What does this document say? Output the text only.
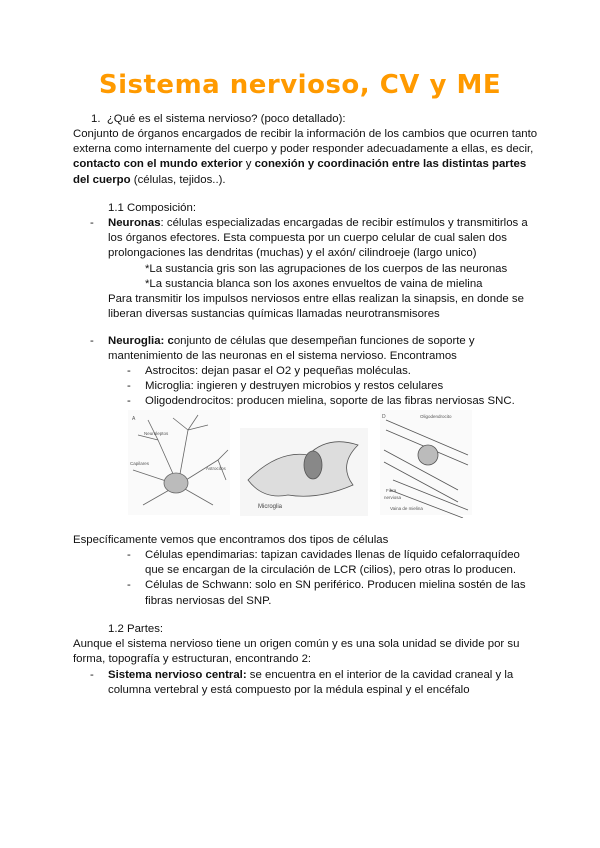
Sistema nervioso, CV y ME
1. ¿Qué es el sistema nervioso? (poco detallado):
Conjunto de órganos encargados de recibir la información de los cambios que ocurren tanto
externa como internamente del cuerpo y poder responder adecuadamente a ellas, es decir,
contacto con el mundo exterior y conexión y coordinación entre las distintas partes
del cuerpo (células, tejidos..).
1.1 Composición:
- Neuronas: células especializadas encargadas de recibir estímulos y transmitirlos a
los órganos efectores. Esta compuesta por un cuerpo celular de cual salen dos
prolongaciones las dendritas (muchas) y el axón/ cilindroeje (largo unico)
*La sustancia gris son las agrupaciones de los cuerpos de las neuronas
*La sustancia blanca son los axones envueltos de vaina de mielina
Para transmitir los impulsos nerviosos entre ellas realizan la sinapsis, en donde se
liberan diversas sustancias químicas llamadas neurotransmisores
- Neuroglia: conjunto de células que desempeñan funciones de soporte y
mantenimiento de las neuronas en el sistema nervioso. Encontramos
- Astrocitos: dejan pasar el O2 y pequeñas moléculas.
- Microglia: ingieren y destruyen microbios y restos celulares
- Oligodendrocitos: producen mielina, soporte de las fibras nerviosas SNC.
A
Neuroleptos
Capilares
Astrocitos
Microglia
D	Oligodendrocito
Fibra
nerviosa
Vaina de mielina
Específicamente vemos que encontramos dos tipos de células
- Células ependimarias: tapizan cavidades llenas de líquido cefalorraquídeo
que se encargan de la circulación de LCR (cilios), pero otras lo producen.
- Células de Schwann: solo en SN periférico. Producen mielina sostén de las
fibras nerviosas del SNP.
1.2 Partes:
Aunque el sistema nervioso tiene un origen común y es una sola unidad se divide por su
forma, topografía y estructuran, encontrando 2:
- Sistema nervioso central: se encuentra en el interior de la cavidad craneal y la
columna vertebral y está compuesto por la médula espinal y el encéfalo
